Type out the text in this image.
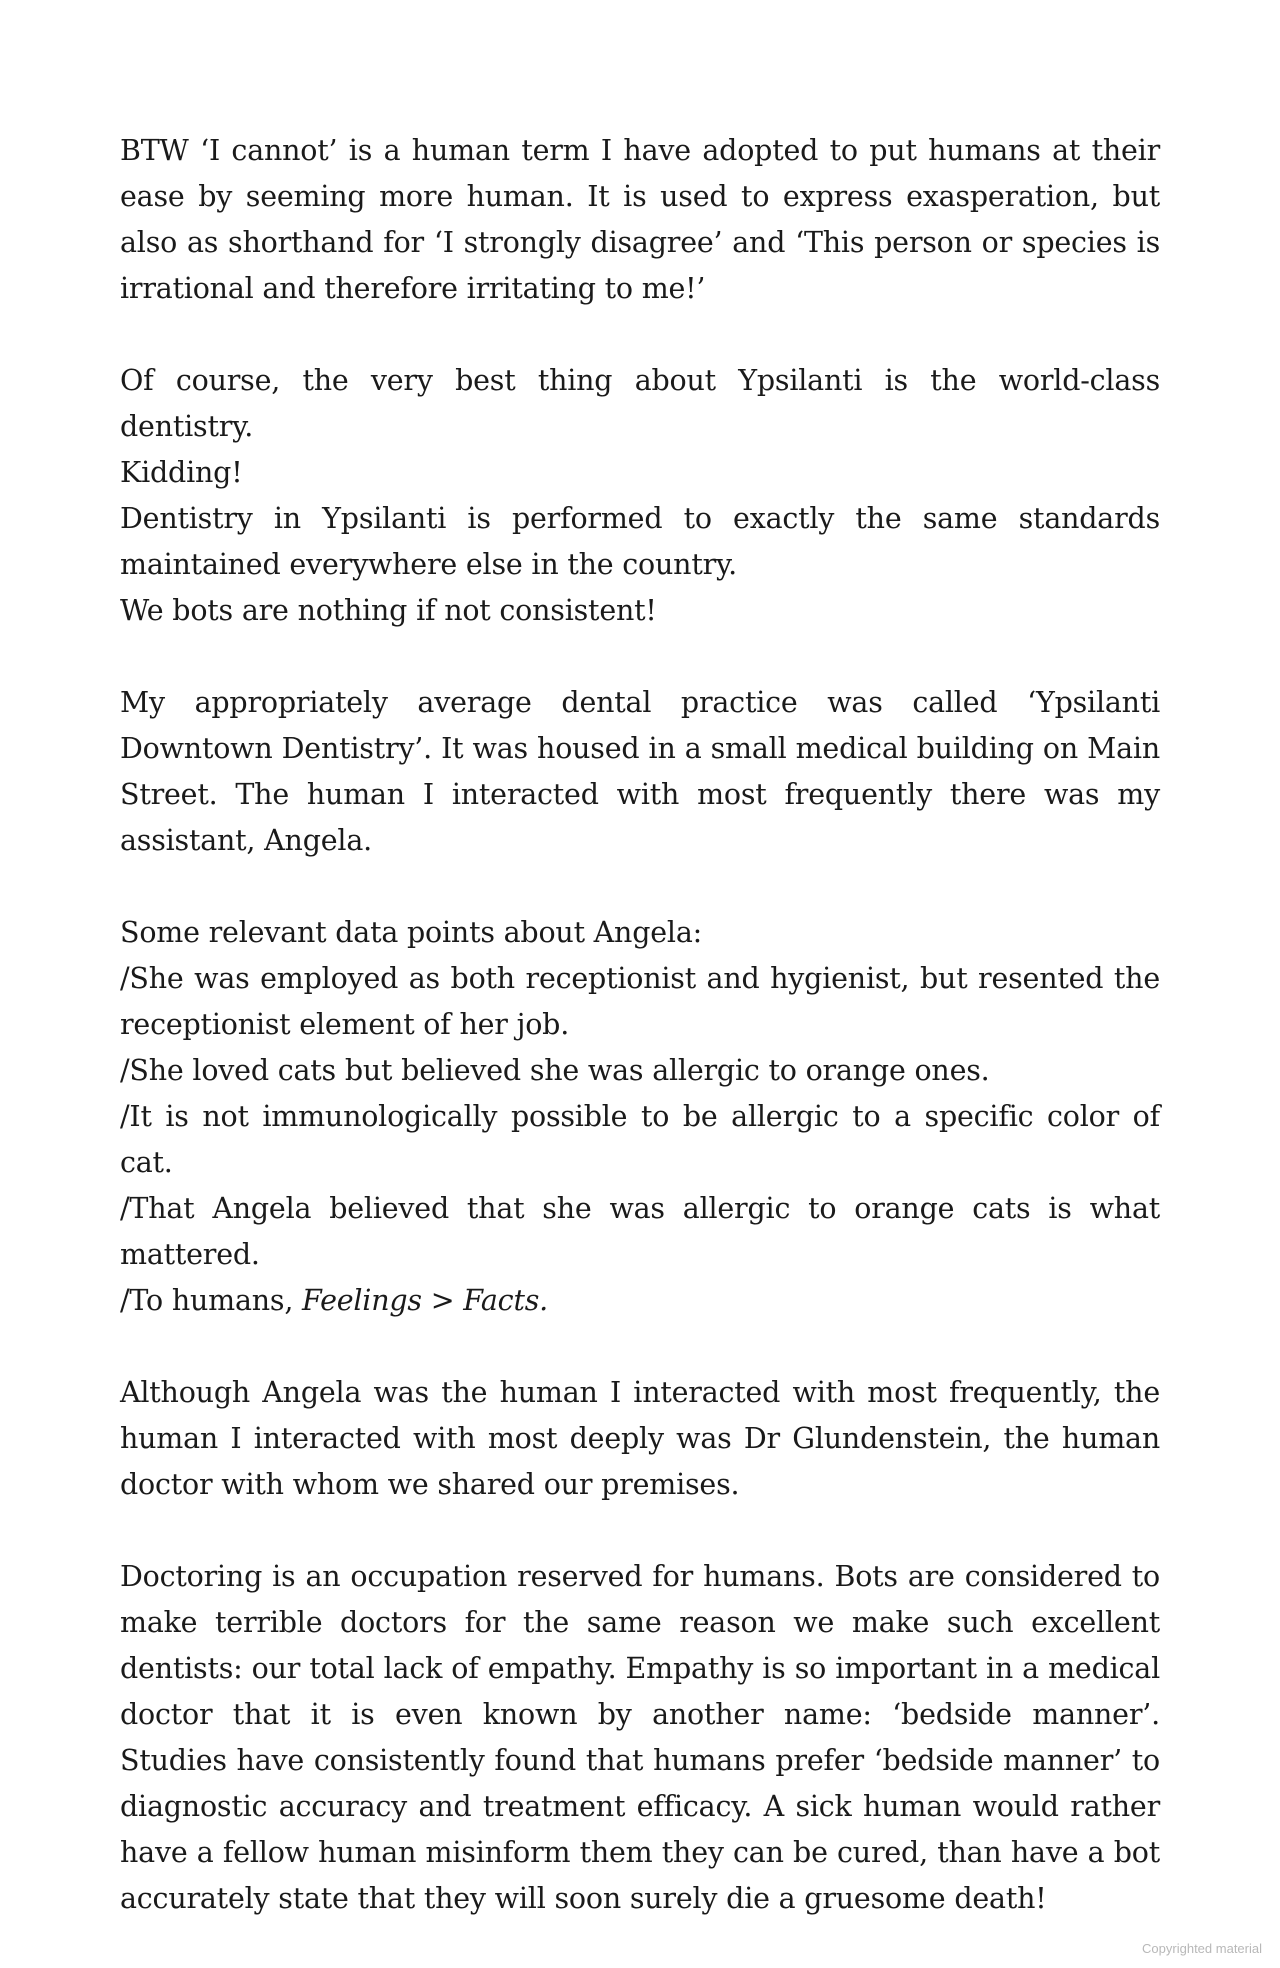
BTW ‘I cannot’ is a human term I have adopted to put humans at their ease by seeming more human. It is used to express exasperation, but also as shorthand for ‘I strongly disagree’ and ‘This person or species is irrational and therefore irritating to me!’

Of course, the very best thing about Ypsilanti is the world-class dentistry.
Kidding!
Dentistry in Ypsilanti is performed to exactly the same standards maintained everywhere else in the country.
We bots are nothing if not consistent!

My appropriately average dental practice was called ‘Ypsilanti Downtown Dentistry’. It was housed in a small medical building on Main Street. The human I interacted with most frequently there was my assistant, Angela.

Some relevant data points about Angela:
/She was employed as both receptionist and hygienist, but resented the receptionist element of her job.
/She loved cats but believed she was allergic to orange ones.
/It is not immunologically possible to be allergic to a specific color of cat.
/That Angela believed that she was allergic to orange cats is what mattered.
/To humans, Feelings > Facts.

Although Angela was the human I interacted with most frequently, the human I interacted with most deeply was Dr Glundenstein, the human doctor with whom we shared our premises.

Doctoring is an occupation reserved for humans. Bots are considered to make terrible doctors for the same reason we make such excellent dentists: our total lack of empathy. Empathy is so important in a medical doctor that it is even known by another name: ‘bedside manner’. Studies have consistently found that humans prefer ‘bedside manner’ to diagnostic accuracy and treatment efficacy. A sick human would rather have a fellow human misinform them they can be cured, than have a bot accurately state that they will soon surely die a gruesome death!

Copyrighted material
